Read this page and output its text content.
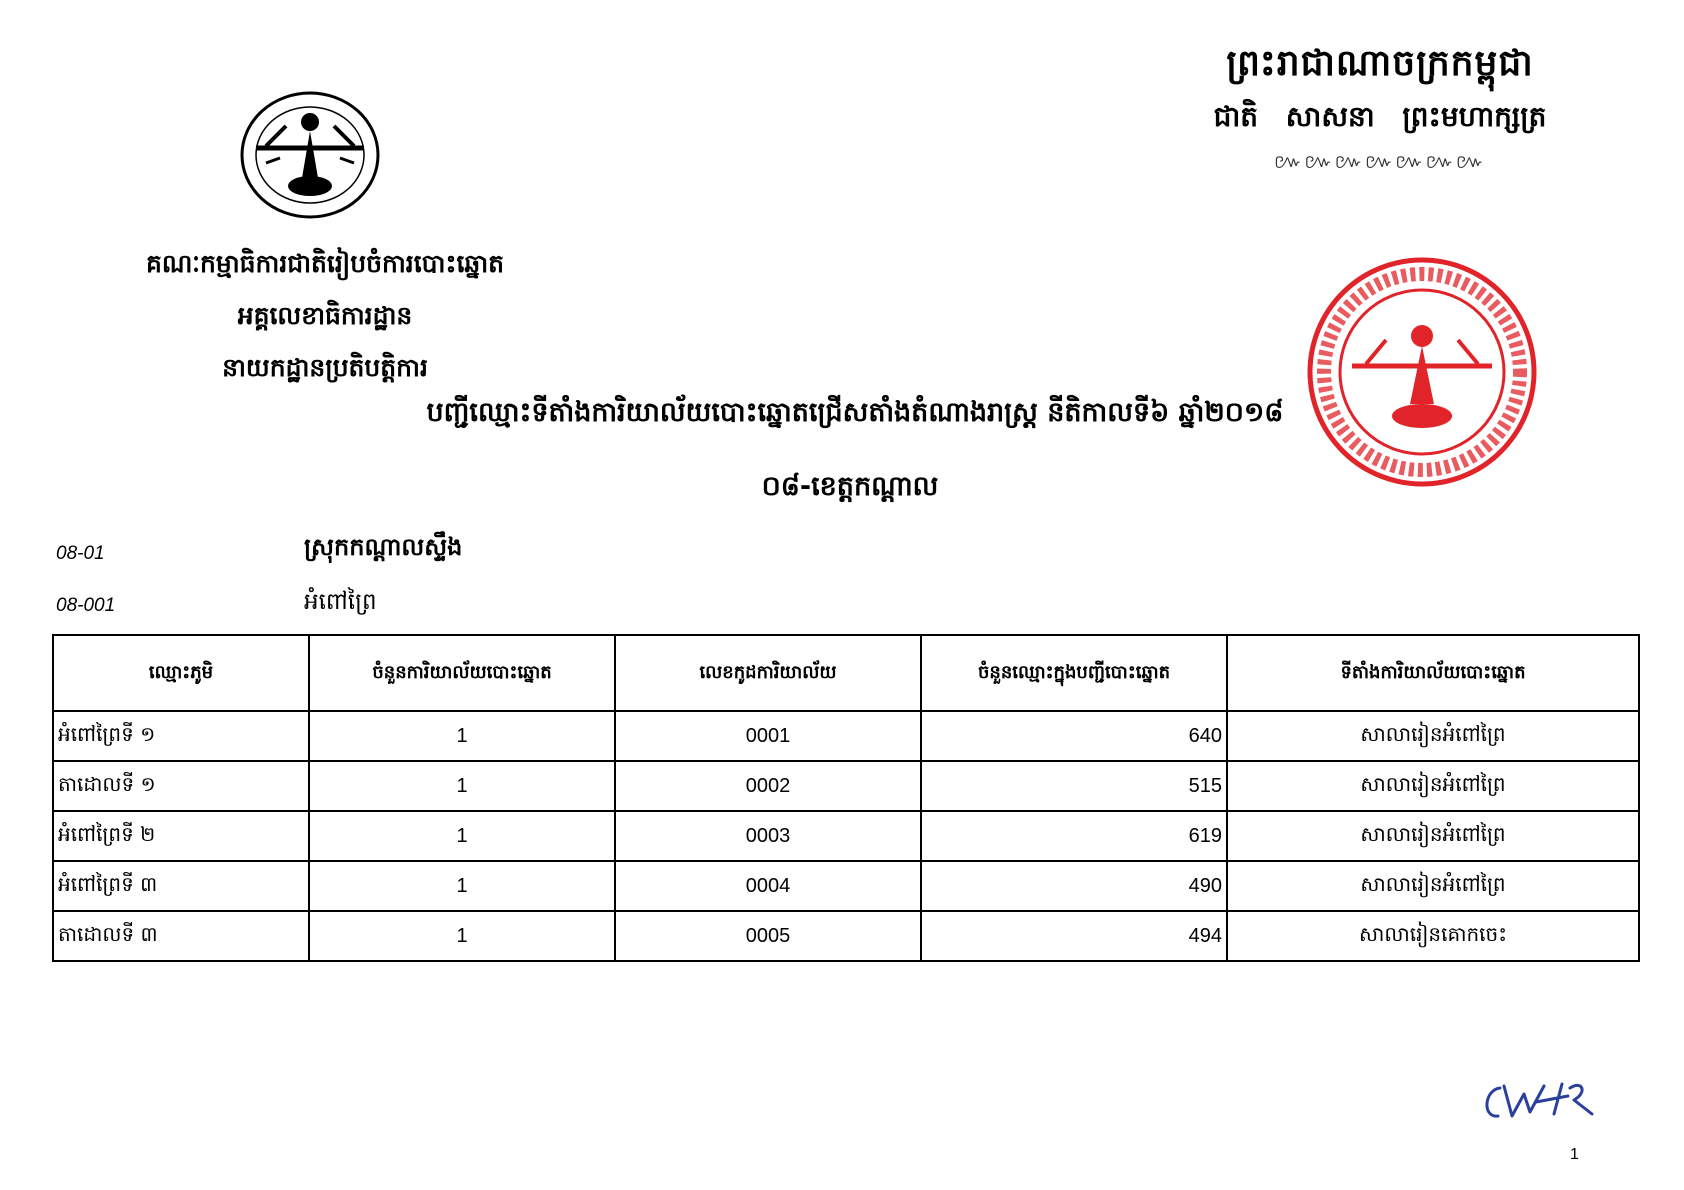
ព្រះរាជាណាចក្រកម្ពុជា
ជាតិ សាសនា ព្រះមហាក្សត្រ
៚៚៚៚៚៚៚
គណៈកម្មាធិការជាតិរៀបចំការបោះឆ្នោត
អគ្គលេខាធិការដ្ឋាន
នាយកដ្ឋានប្រតិបត្តិការ
បញ្ជីឈ្មោះទីតាំងការិយាល័យបោះឆ្នោតជ្រើសតាំងតំណាងរាស្ត្រ នីតិកាលទី៦ ឆ្នាំ២០១៨
០៨-ខេត្តកណ្ដាល
08-01	ស្រុកកណ្ដាលស្ទឹង
08-001	អំពៅព្រៃ
ឈ្មោះភូមិ	ចំនួនការិយាល័យបោះឆ្នោត	លេខកូដការិយាល័យ	ចំនួនឈ្មោះក្នុងបញ្ជីបោះឆ្នោត	ទីតាំងការិយាល័យបោះឆ្នោត
អំពៅព្រៃទី ១	1	0001	640	សាលារៀនអំពៅព្រៃ
តាដោលទី ១	1	0002	515	សាលារៀនអំពៅព្រៃ
អំពៅព្រៃទី ២	1	0003	619	សាលារៀនអំពៅព្រៃ
អំពៅព្រៃទី ៣	1	0004	490	សាលារៀនអំពៅព្រៃ
តាដោលទី ៣	1	0005	494	សាលារៀនគោកចេះ
1
